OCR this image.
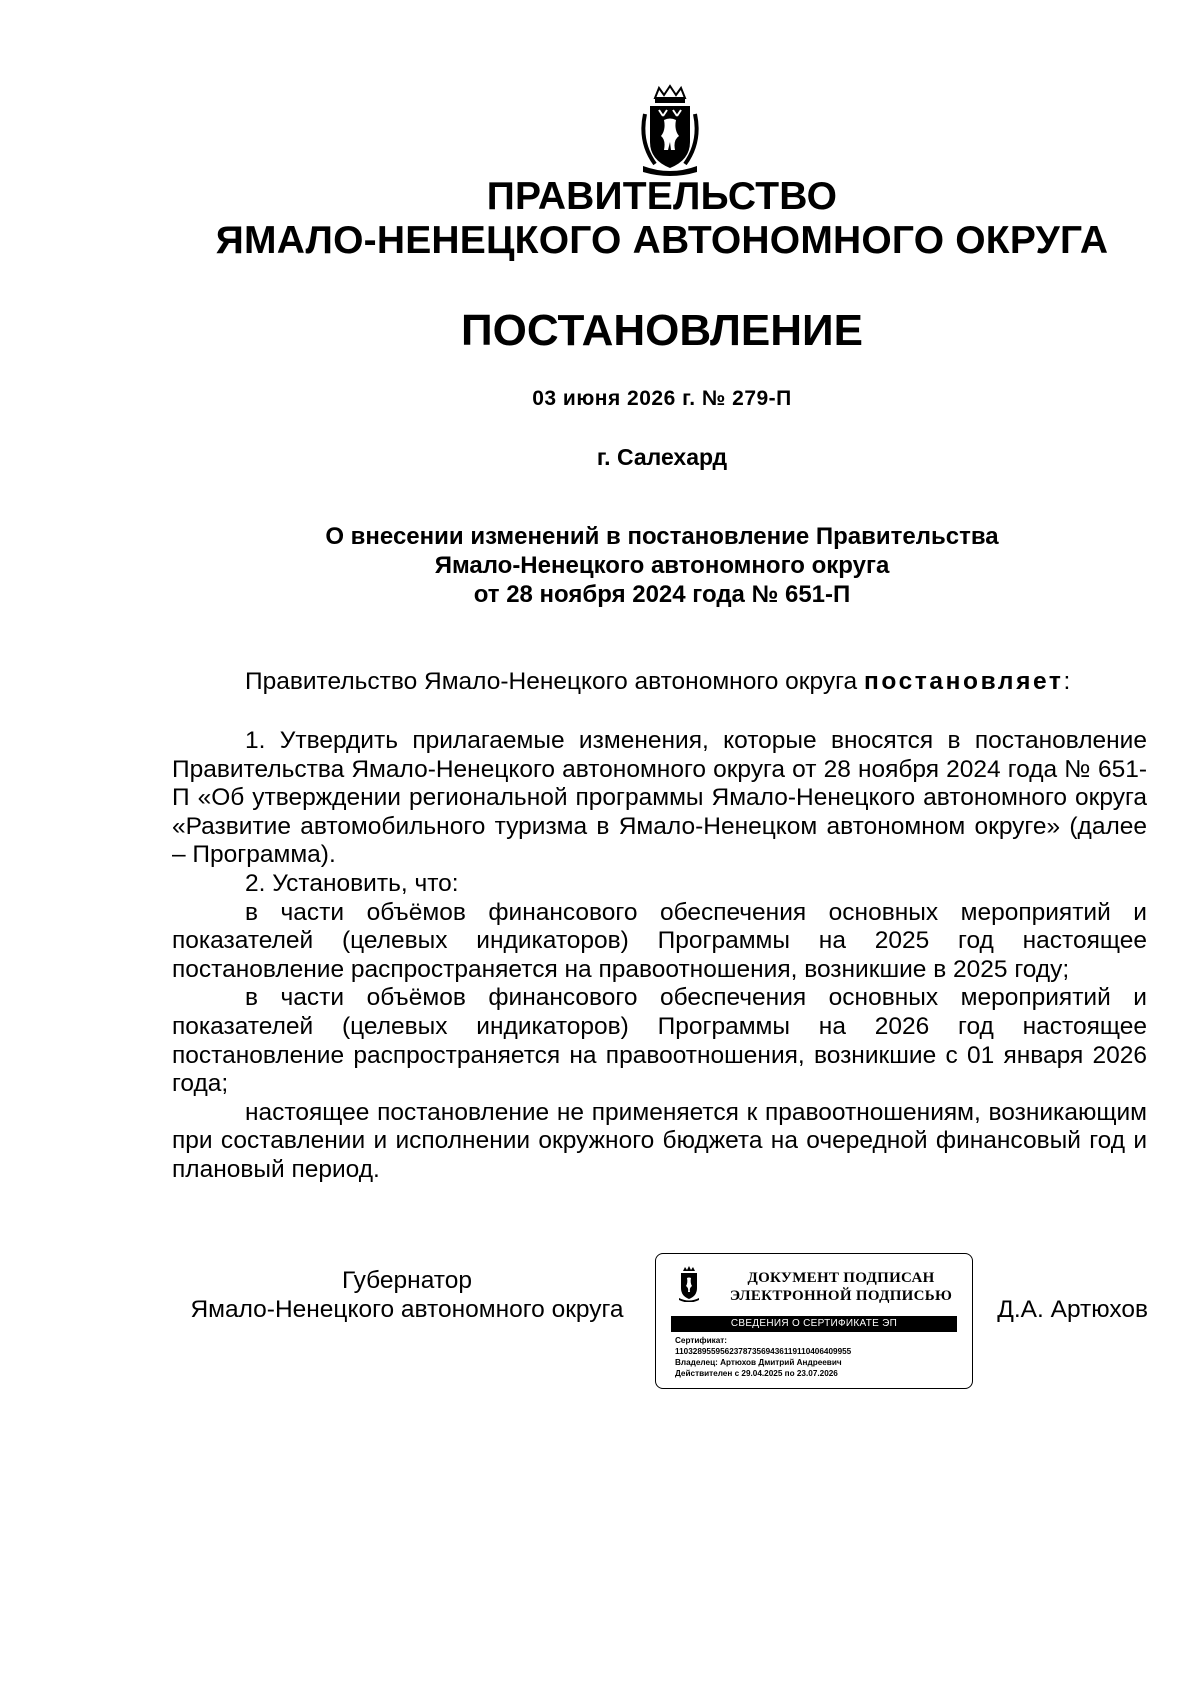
ПРАВИТЕЛЬСТВО
ЯМАЛО-НЕНЕЦКОГО АВТОНОМНОГО ОКРУГА
ПОСТАНОВЛЕНИЕ
03 июня 2026 г. № 279-П
г. Салехард
О внесении изменений в постановление Правительства
Ямало-Ненецкого автономного округа
от 28 ноября 2024 года № 651-П

Правительство Ямало-Ненецкого автономного округа постановляет:

1. Утвердить прилагаемые изменения, которые вносятся в постановление Правительства Ямало-Ненецкого автономного округа от 28 ноября 2024 года № 651-П «Об утверждении региональной программы Ямало-Ненецкого автономного округа «Развитие автомобильного туризма в Ямало-Ненецком автономном округе» (далее – Программа).

2. Установить, что:

в части объёмов финансового обеспечения основных мероприятий и показателей (целевых индикаторов) Программы на 2025 год настоящее постановление распространяется на правоотношения, возникшие в 2025 году;

в части объёмов финансового обеспечения основных мероприятий и показателей (целевых индикаторов) Программы на 2026 год настоящее постановление распространяется на правоотношения, возникшие с 01 января 2026 года;

настоящее постановление не применяется к правоотношениям, возникающим при составлении и исполнении окружного бюджета на очередной финансовый год и плановый период.

Губернатор
Ямало-Ненецкого автономного округа
ДОКУМЕНТ ПОДПИСАН
ЭЛЕКТРОННОЙ ПОДПИСЬЮ
СВЕДЕНИЯ О СЕРТИФИКАТЕ ЭП
Сертификат:
11032895595623787356943611911040640995​5
Владелец: Артюхов Дмитрий Андреевич
Действителен с 29.04.2025 по 23.07.2026
Д.А. Артюхов
